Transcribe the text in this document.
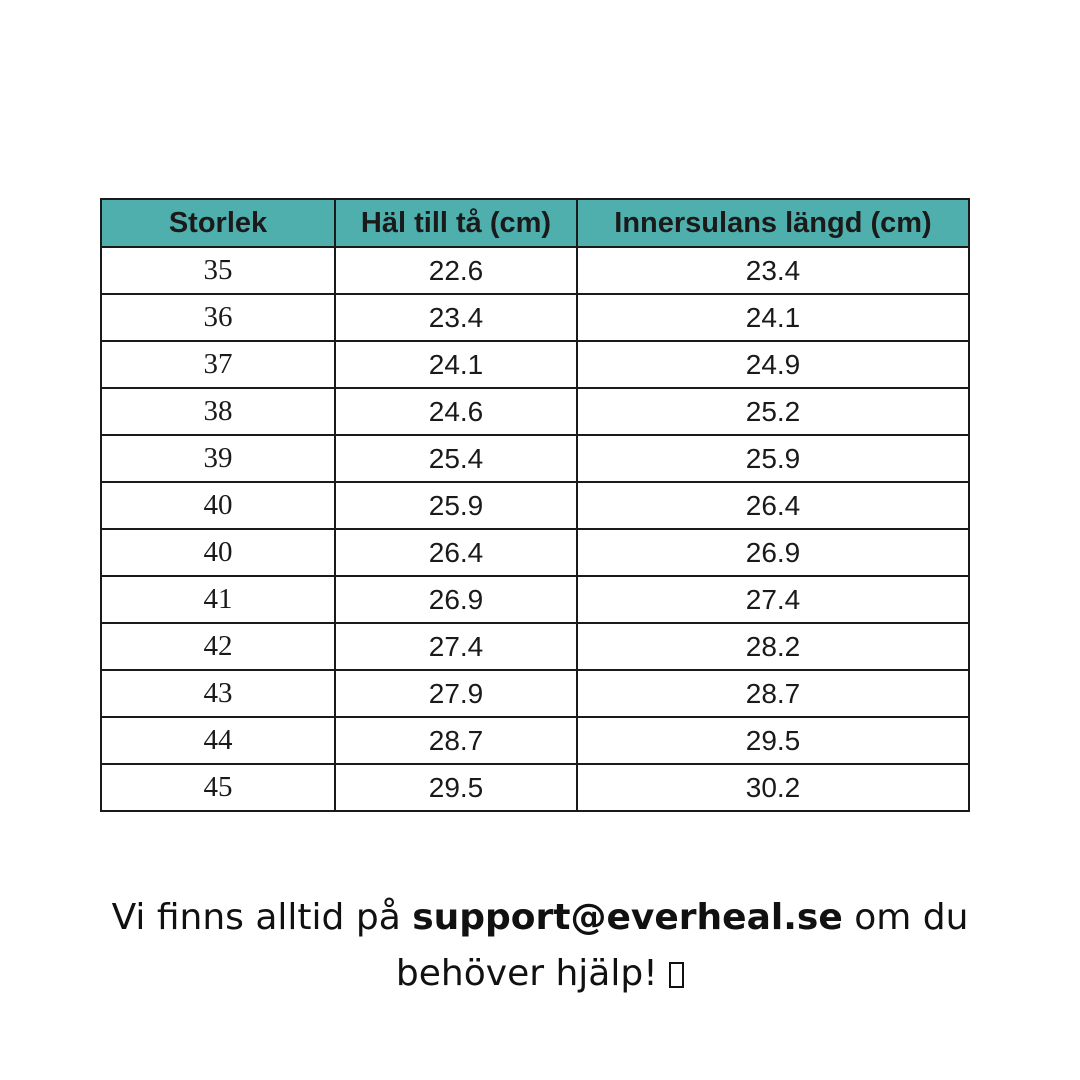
Storlek	Häl till tå (cm)	Innersulans längd (cm)
35	22.6	23.4
36	23.4	24.1
37	24.1	24.9
38	24.6	25.2
39	25.4	25.9
40	25.9	26.4
40	26.4	26.9
41	26.9	27.4
42	27.4	28.2
43	27.9	28.7
44	28.7	29.5
45	29.5	30.2
Vi finns alltid på support@everheal.se om du behöver hjälp!
